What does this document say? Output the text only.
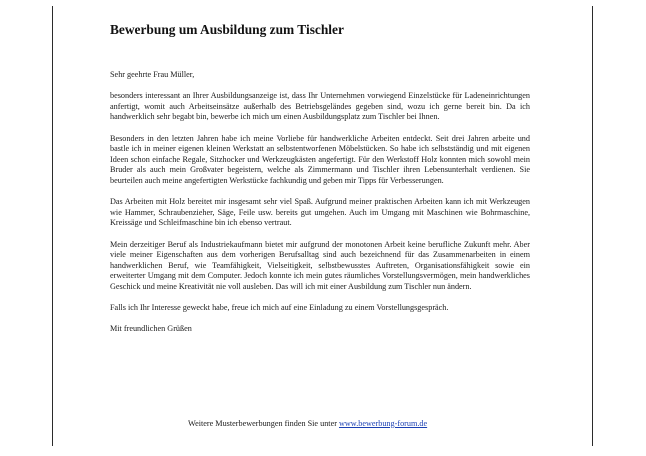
Bewerbung um Ausbildung zum Tischler

Sehr geehrte Frau Müller,

besonders interessant an Ihrer Ausbildungsanzeige ist, dass Ihr Unternehmen vorwiegend Einzelstücke für Ladeneinrichtungen anfertigt, womit auch Arbeitseinsätze außerhalb des Betriebsgeländes gegeben sind, wozu ich gerne bereit bin. Da ich handwerklich sehr begabt bin, bewerbe ich mich um einen Ausbildungsplatz zum Tischler bei Ihnen.

Besonders in den letzten Jahren habe ich meine Vorliebe für handwerkliche Arbeiten entdeckt. Seit drei Jahren arbeite und bastle ich in meiner eigenen kleinen Werkstatt an selbstentworfenen Möbelstücken. So habe ich selbstständig und mit eigenen Ideen schon einfache Regale, Sitzhocker und Werkzeugkästen angefertigt. Für den Werkstoff Holz konnten mich sowohl mein Bruder als auch mein Großvater begeistern, welche als Zimmermann und Tischler ihren Lebensunterhalt verdienen. Sie beurteilen auch meine angefertigten Werkstücke fachkundig und geben mir Tipps für Verbesserungen.

Das Arbeiten mit Holz bereitet mir insgesamt sehr viel Spaß. Aufgrund meiner praktischen Arbeiten kann ich mit Werkzeugen wie Hammer, Schraubenzieher, Säge, Feile usw. bereits gut umgehen. Auch im Umgang mit Maschinen wie Bohrmaschine, Kreissäge und Schleifmaschine bin ich ebenso vertraut.

Mein derzeitiger Beruf als Industriekaufmann bietet mir aufgrund der monotonen Arbeit keine berufliche Zukunft mehr. Aber viele meiner Eigenschaften aus dem vorherigen Berufsalltag sind auch bezeichnend für das Zusammenarbeiten in einem handwerklichen Beruf, wie Teamfähigkeit, Vielseitigkeit, selbstbewusstes Auftreten, Organisationsfähigkeit sowie ein erweiterter Umgang mit dem Computer. Jedoch konnte ich mein gutes räumliches Vorstellungsvermögen, mein handwerkliches Geschick und meine Kreativität nie voll ausleben. Das will ich mit einer Ausbildung zum Tischler nun ändern.

Falls ich Ihr Interesse geweckt habe, freue ich mich auf eine Einladung zu einem Vorstellungsgespräch.

Mit freundlichen Grüßen

Weitere Musterbewerbungen finden Sie unter www.bewerbung-forum.de
